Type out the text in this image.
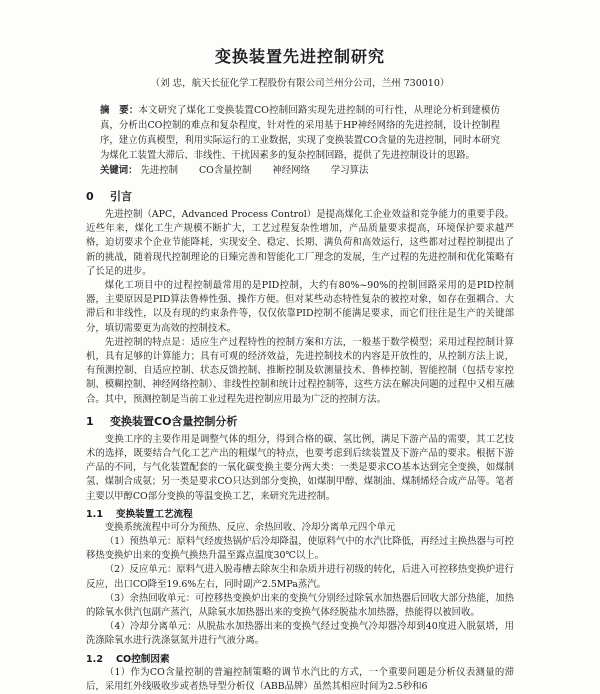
变换装置先进控制研究
（刘 忠，航天长征化学工程股份有限公司兰州分公司，兰州 730010）
摘　要：本文研究了煤化工变换装置CO控制回路实现先进控制的可行性，从理论分析到建模仿真，分析出CO控制的难点和复杂程度，针对性的采用基于HP神经网络的先进控制，设计控制程序，建立仿真模型，利用实际运行的工业数据，实现了变换装置CO含量的先进控制，同时本研究为煤化工装置大滞后、非线性、干扰因素多的复杂控制回路，提供了先进控制设计的思路。
关键词： 先进控制 CO含量控制 神经网络 学习算法
0 引言

先进控制（APC，Advanced Process Control）是提高煤化工企业效益和竞争能力的重要手段。近些年来，煤化工生产规模不断扩大，工艺过程复杂性增加，产品质量要求提高，环境保护要求越严格，迫切要求个企业节能降耗，实现安全、稳定、长期、满负荷和高效运行，这些都对过程控制提出了新的挑战，随着现代控制理论的日臻完善和智能化工厂理念的发展，生产过程的先进控制和优化策略有了长足的进步。

煤化工项目中的过程控制最常用的是PID控制，大约有80%~90%的控制回路采用的是PID控制器，主要原因是PID算法鲁棒性强、操作方便。但对某些动态特性复杂的被控对象，如存在强耦合、大滞后和非线性，以及有现的约束条件等，仅仅依靠PID控制不能满足要求，而它们往往是生产的关键部分，填切需要更为高效的控制技术。

先进控制的特点是：适应生产过程特性的控制方案和方法，一般基于数学模型；采用过程控制计算机，具有足够的计算能力；具有可观的经济效益，先进控制技术的内容是开放性的，从控制方法上说，有预测控制、自适应控制、状态反馈控制、推断控制及软测量技术、鲁棒控制、智能控制（包括专家控制、模糊控制、神经网络控制）、非线性控制和统计过程控制等，这些方法在解决问题的过程中又相互融合。其中，预测控制是当前工业过程先进控制应用最为广泛的控制方法。

1 变换装置CO含量控制分析

变换工序的主要作用是调整气体的组分，得到合格的碳、氢比例，满足下游产品的需要，其工艺技术的选择，既要结合气化工艺产出的粗煤气的特点，也要考虑到后续装置及下游产品的要求。根据下游产品的不同，与气化装置配套的一氧化碳变换主要分两大类：一类是要求CO基本达到完全变换，如煤制氢、煤制合成氨；另一类是要求CO只达到部分变换，如煤制甲醇、煤制油、煤制烯烃合成产品等。笔者主要以甲醇CO部分变换的等温变换工艺，来研究先进控制。

1.1 变换装置工艺流程

变换系统流程中可分为预热、反应、余热回收、冷却分离单元四个单元

（1）预热单元：原料气经废热锅炉后冷却降温，使原料气中的水汽比降低，再经过主换热器与可控移热变换炉出来的变换气换热升温至露点温度30℃以上。

（2）反应单元：原料气进入脱毒槽去除灰尘和杂质并进行初级的转化，后进入可控移热变换炉进行反应，出口CO降至19.6%左右，同时副产2.5MPa蒸汽。

（3）余热回收单元：可控移热变换炉出来的变换气分别经过除氧水加热器后回收大部分热能，加热的除氧水供汽包副产蒸汽，从除氧水加热器出来的变换气体经脱盐水加热器，热能得以被回收。

（4）冷却分离单元：从脱盐水加热器出来的变换气经过变换气冷却器冷却到40度进入脱氨塔，用洗涤除氧水进行洗涤氨氮并进行气液分离。

1.2 CO控制因素

（1）作为CO含量控制的普遍控制策略的调节水汽比的方式，一个重要问题是分析仪表测量的滞后，采用红外线吸收步或者热导型分析仪（ABB品牌）虽然其相应时间为2.5秒和6
